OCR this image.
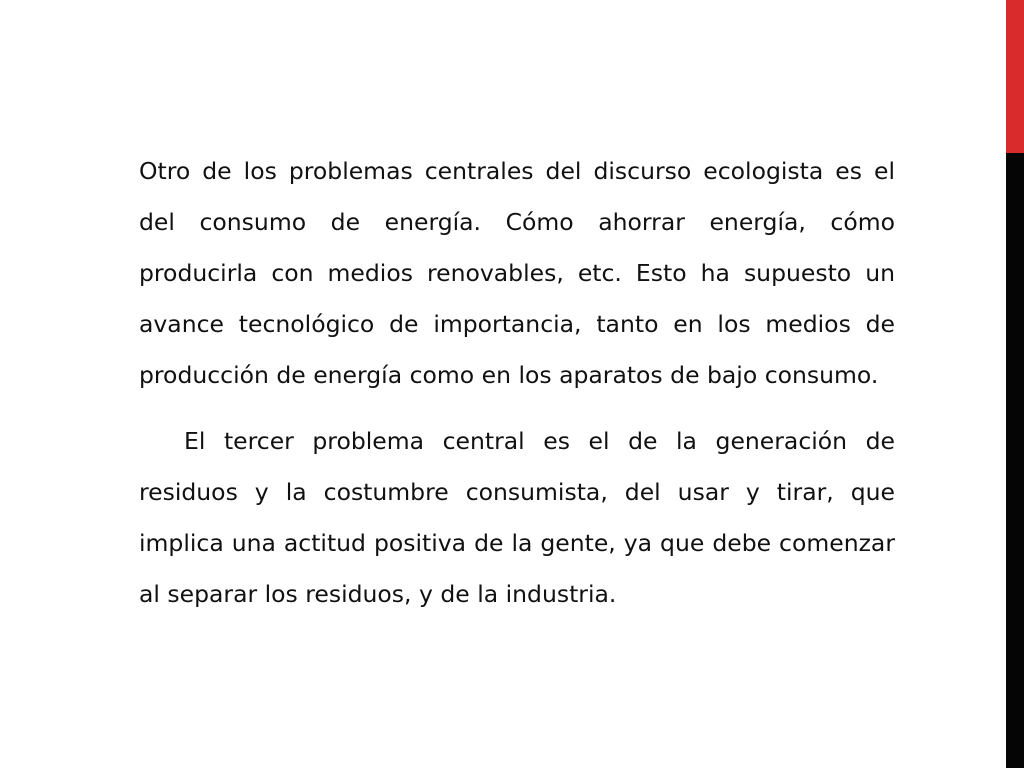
Otro de los problemas centrales del discurso ecologista es el del consumo de energía. Cómo ahorrar energía, cómo producirla con medios renovables, etc. Esto ha supuesto un avance tecnológico de importancia, tanto en los medios de producción de energía como en los aparatos de bajo consumo.

El tercer problema central es el de la generación de residuos y la costumbre consumista, del usar y tirar, que implica una actitud positiva de la gente, ya que debe comenzar al separar los residuos, y de la industria.
